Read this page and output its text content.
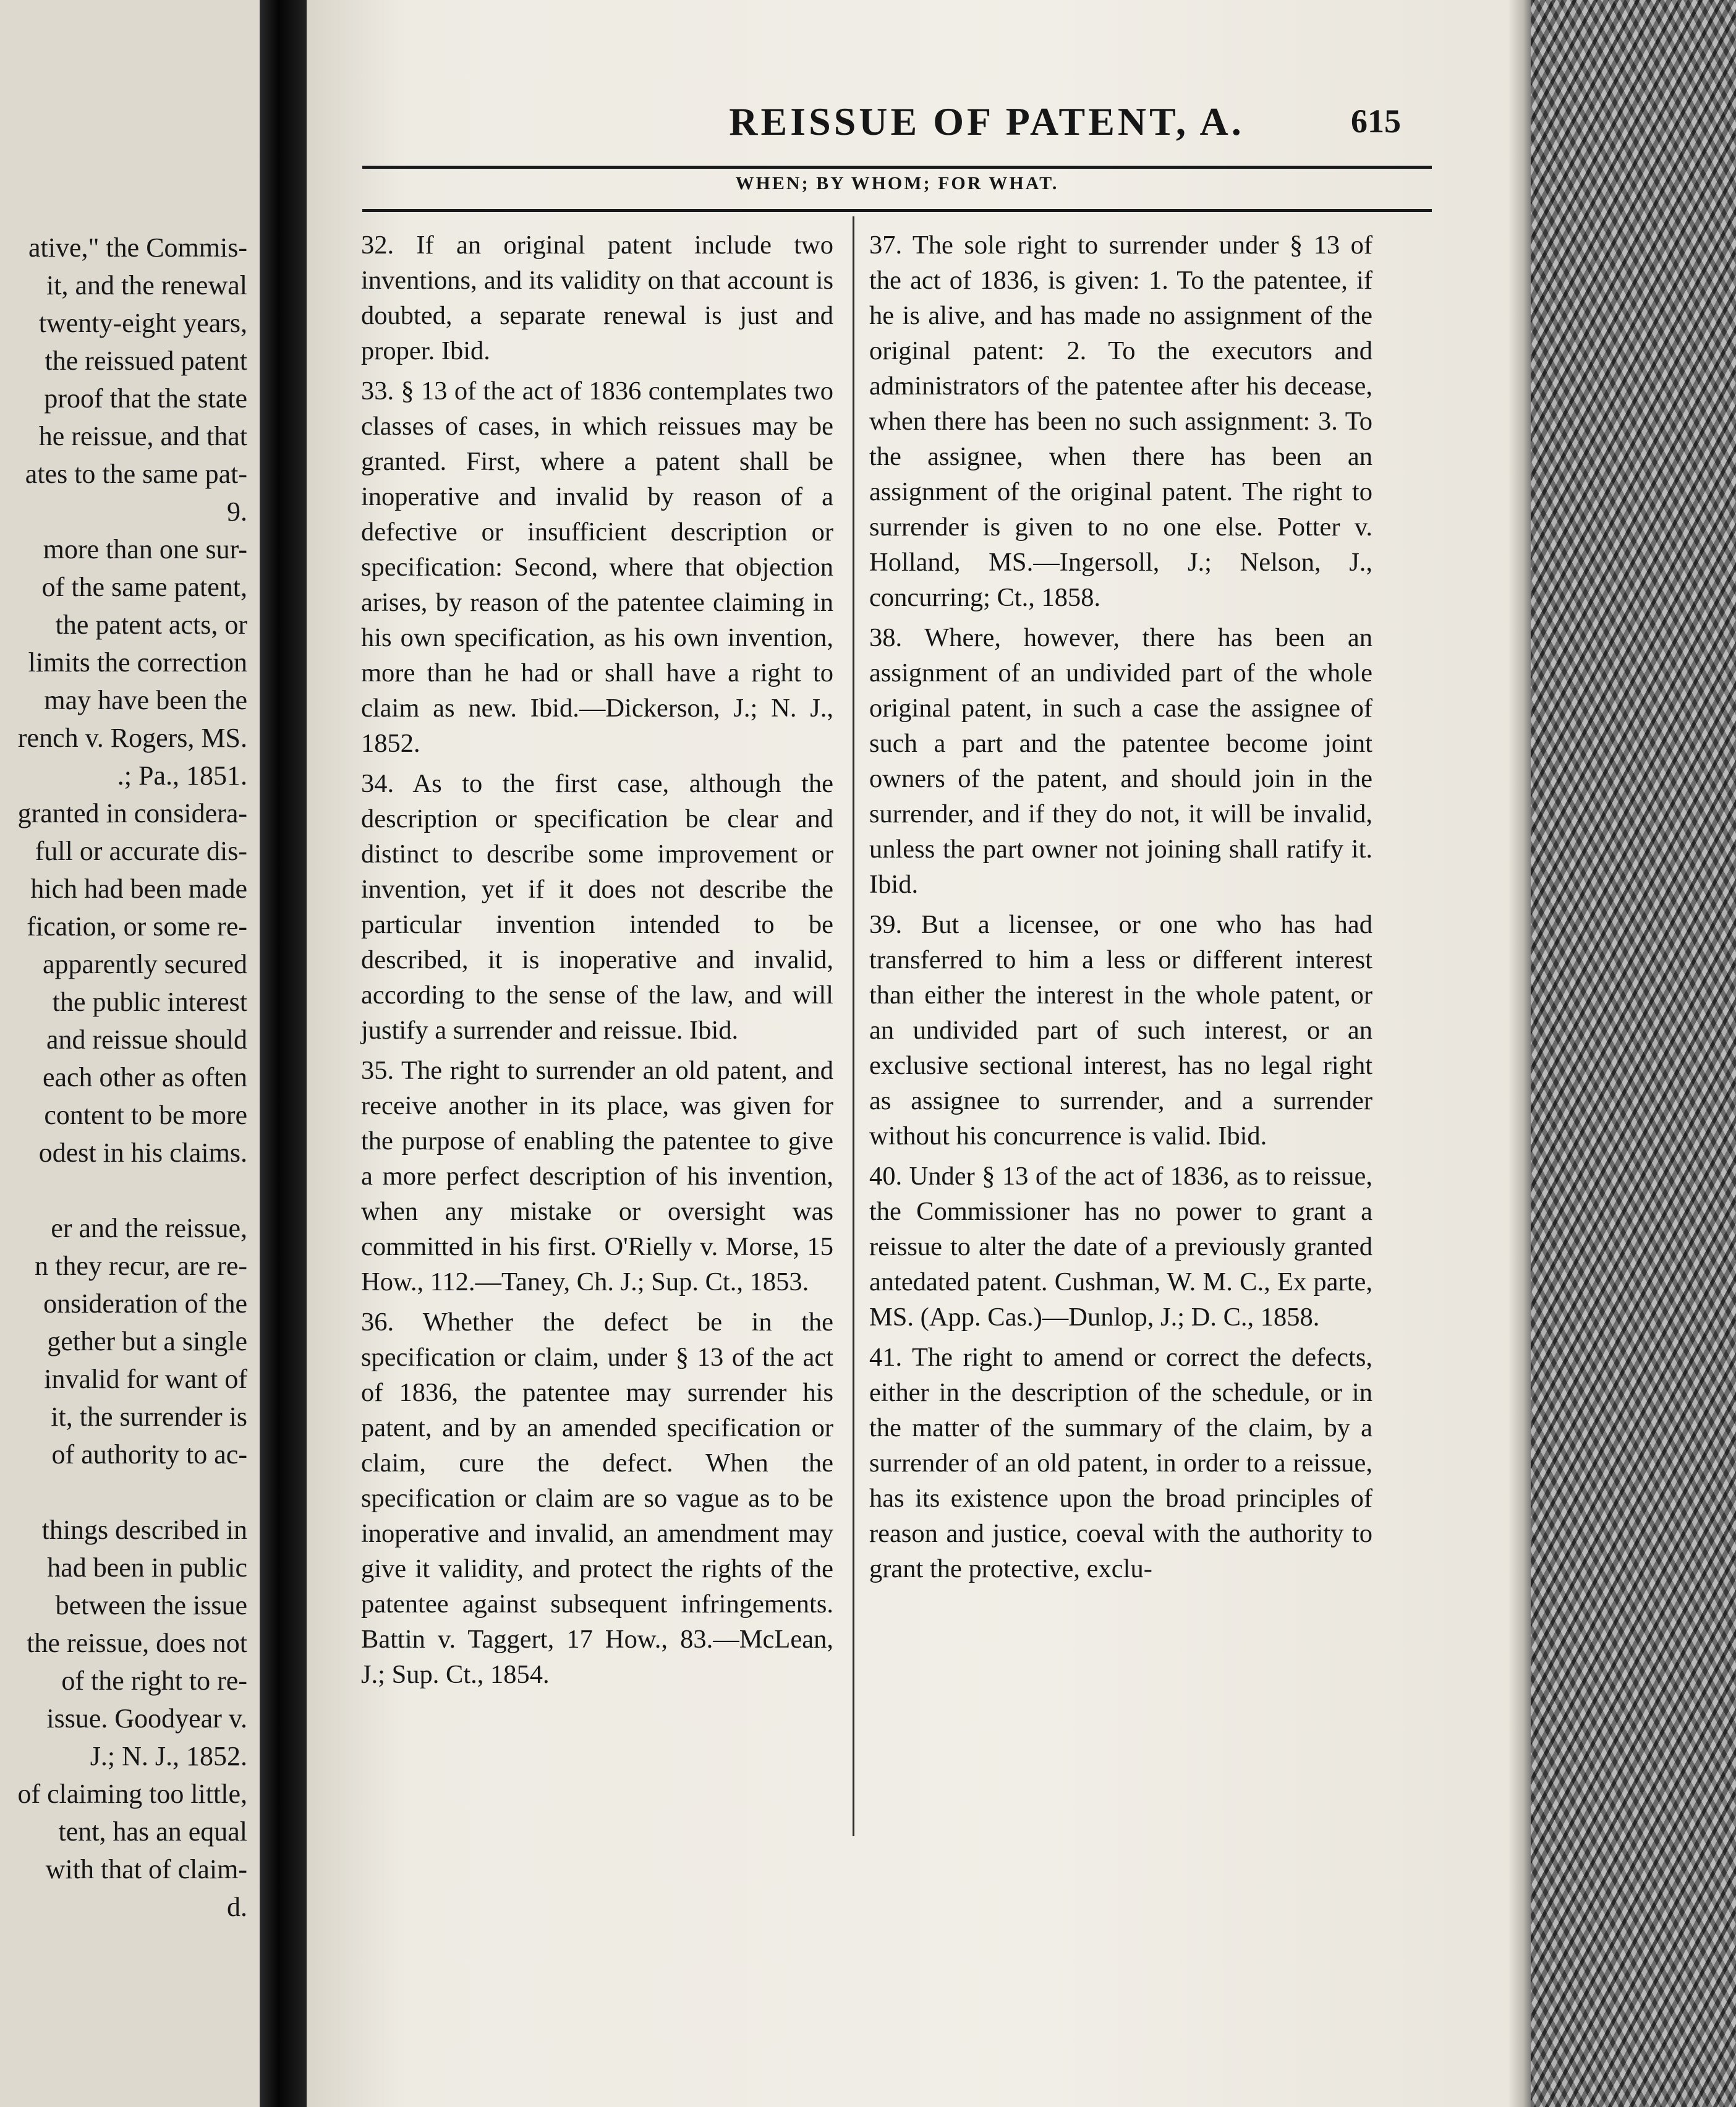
ative," the Commis-
it, and the renewal
twenty-eight years,
the reissued patent
proof that the state
he reissue, and that
ates to the same pat-
9.
more than one sur-
of the same patent,
the patent acts, or
limits the correction
may have been the
rench v. Rogers, MS.
.; Pa., 1851.
granted in considera-
full or accurate dis-
hich had been made
fication, or some re-
apparently secured
the public interest
and reissue should
each other as often
content to be more
odest in his claims.
er and the reissue,
n they recur, are re-
onsideration of the
gether but a single
invalid for want of
it, the surrender is
of authority to ac-
things described in
had been in public
between the issue
the reissue, does not
of the right to re-
issue. Goodyear v.
J.; N. J., 1852.
of claiming too little,
tent, has an equal
with that of claim-
d.
REISSUE OF PATENT, A.	615
WHEN; BY WHOM; FOR WHAT.

32. If an original patent include two inventions, and its validity on that account is doubted, a separate renewal is just and proper. Ibid.

33. § 13 of the act of 1836 contemplates two classes of cases, in which reissues may be granted. First, where a patent shall be inoperative and invalid by reason of a defective or insufficient description or specification: Second, where that objection arises, by reason of the patentee claiming in his own specification, as his own invention, more than he had or shall have a right to claim as new. Ibid.—Dickerson, J.; N. J., 1852.

34. As to the first case, although the description or specification be clear and distinct to describe some improvement or invention, yet if it does not describe the particular invention intended to be described, it is inoperative and invalid, according to the sense of the law, and will justify a surrender and reissue. Ibid.

35. The right to surrender an old patent, and receive another in its place, was given for the purpose of enabling the patentee to give a more perfect description of his invention, when any mistake or oversight was committed in his first. O'Rielly v. Morse, 15 How., 112.—Taney, Ch. J.; Sup. Ct., 1853.

36. Whether the defect be in the specification or claim, under § 13 of the act of 1836, the patentee may surrender his patent, and by an amended specification or claim, cure the defect. When the specification or claim are so vague as to be inoperative and invalid, an amendment may give it validity, and protect the rights of the patentee against subsequent infringements. Battin v. Taggert, 17 How., 83.—McLean, J.; Sup. Ct., 1854.

37. The sole right to surrender under § 13 of the act of 1836, is given: 1. To the patentee, if he is alive, and has made no assignment of the original patent: 2. To the executors and administrators of the patentee after his decease, when there has been no such assignment: 3. To the assignee, when there has been an assignment of the original patent. The right to surrender is given to no one else. Potter v. Holland, MS.—Ingersoll, J.; Nelson, J., concurring; Ct., 1858.

38. Where, however, there has been an assignment of an undivided part of the whole original patent, in such a case the assignee of such a part and the patentee become joint owners of the patent, and should join in the surrender, and if they do not, it will be invalid, unless the part owner not joining shall ratify it. Ibid.

39. But a licensee, or one who has had transferred to him a less or different interest than either the interest in the whole patent, or an undivided part of such interest, or an exclusive sectional interest, has no legal right as assignee to surrender, and a surrender without his concurrence is valid. Ibid.

40. Under § 13 of the act of 1836, as to reissue, the Commissioner has no power to grant a reissue to alter the date of a previously granted antedated patent. Cushman, W. M. C., Ex parte, MS. (App. Cas.)—Dunlop, J.; D. C., 1858.

41. The right to amend or correct the defects, either in the description of the schedule, or in the matter of the summary of the claim, by a surrender of an old patent, in order to a reissue, has its existence upon the broad principles of reason and justice, coeval with the authority to grant the protective, exclu-
